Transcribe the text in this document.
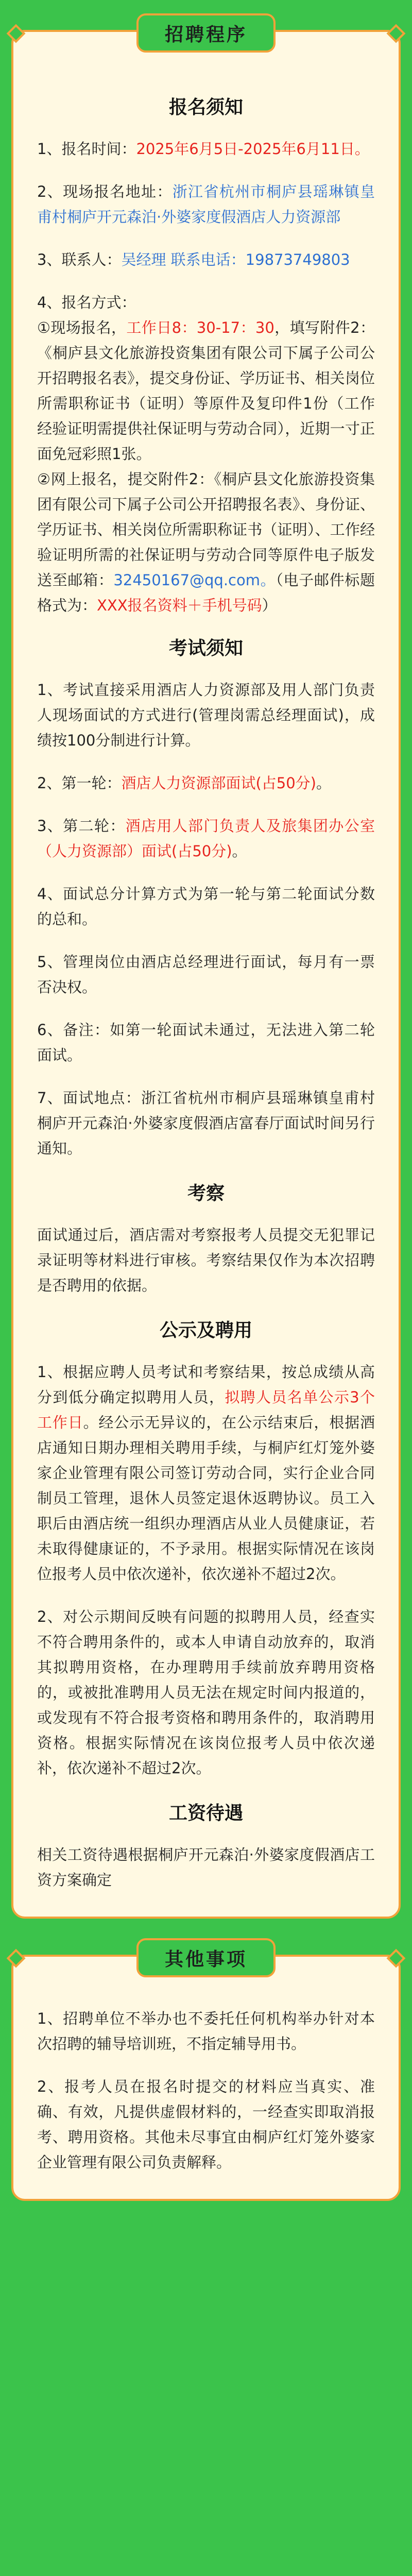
招聘程序
报名须知

1、报名时间：2025年6月5日-2025年6月11日。

2、现场报名地址：浙江省杭州市桐庐县瑶琳镇皇甫村桐庐开元森泊·外婆家度假酒店人力资源部

3、联系人：吴经理 联系电话：19873749803

4、报名方式：
①现场报名，工作日8：30-17：30，填写附件2：《桐庐县文化旅游投资集团有限公司下属子公司公开招聘报名表》，提交身份证、学历证书、相关岗位所需职称证书（证明）等原件及复印件1份（工作经验证明需提供社保证明与劳动合同），近期一寸正面免冠彩照1张。
②网上报名，提交附件2：《桐庐县文化旅游投资集团有限公司下属子公司公开招聘报名表》、身份证、学历证书、相关岗位所需职称证书（证明）、工作经验证明所需的社保证明与劳动合同等原件电子版发送至邮箱：32450167@qq.com。（电子邮件标题格式为：XXX报名资料＋手机号码）

考试须知

1、考试直接采用酒店人力资源部及用人部门负责人现场面试的方式进行(管理岗需总经理面试)，成绩按100分制进行计算。

2、第一轮：酒店人力资源部面试(占50分)。

3、第二轮：酒店用人部门负责人及旅集团办公室（人力资源部）面试(占50分)。

4、面试总分计算方式为第一轮与第二轮面试分数的总和。

5、管理岗位由酒店总经理进行面试，每月有一票否决权。

6、备注：如第一轮面试未通过，无法进入第二轮面试。

7、面试地点：浙江省杭州市桐庐县瑶琳镇皇甫村桐庐开元森泊·外婆家度假酒店富春厅面试时间另行通知。

考察

面试通过后，酒店需对考察报考人员提交无犯罪记录证明等材料进行审核。考察结果仅作为本次招聘是否聘用的依据。

公示及聘用

1、根据应聘人员考试和考察结果，按总成绩从高分到低分确定拟聘用人员，拟聘人员名单公示3个工作日。经公示无异议的，在公示结束后，根据酒店通知日期办理相关聘用手续，与桐庐红灯笼外婆家企业管理有限公司签订劳动合同，实行企业合同制员工管理，退休人员签定退休返聘协议。员工入职后由酒店统一组织办理酒店从业人员健康证，若未取得健康证的，不予录用。根据实际情况在该岗位报考人员中依次递补，依次递补不超过2次。

2、对公示期间反映有问题的拟聘用人员，经查实不符合聘用条件的，或本人申请自动放弃的，取消其拟聘用资格，在办理聘用手续前放弃聘用资格的，或被批准聘用人员无法在规定时间内报道的，或发现有不符合报考资格和聘用条件的，取消聘用资格。根据实际情况在该岗位报考人员中依次递补，依次递补不超过2次。

工资待遇

相关工资待遇根据桐庐开元森泊·外婆家度假酒店工资方案确定

其他事项

1、招聘单位不举办也不委托任何机构举办针对本次招聘的辅导培训班，不指定辅导用书。

2、报考人员在报名时提交的材料应当真实、准确、有效，凡提供虚假材料的，一经查实即取消报考、聘用资格。其他未尽事宜由桐庐红灯笼外婆家企业管理有限公司负责解释。
